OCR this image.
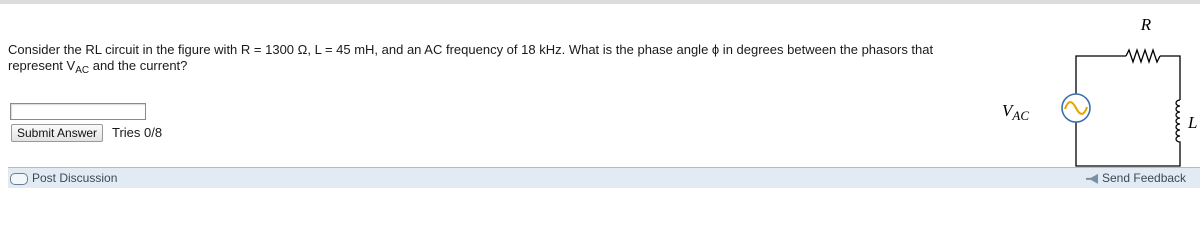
Consider the RL circuit in the figure with R = 1300 Ω, L = 45 mH, and an AC frequency of 18 kHz. What is the phase angle ϕ in degrees between the phasors that represent $V_{AC}$ and the current?
Submit Answer	Tries 0/8
R
L
$V_{AC}$
Post Discussion	Send Feedback
